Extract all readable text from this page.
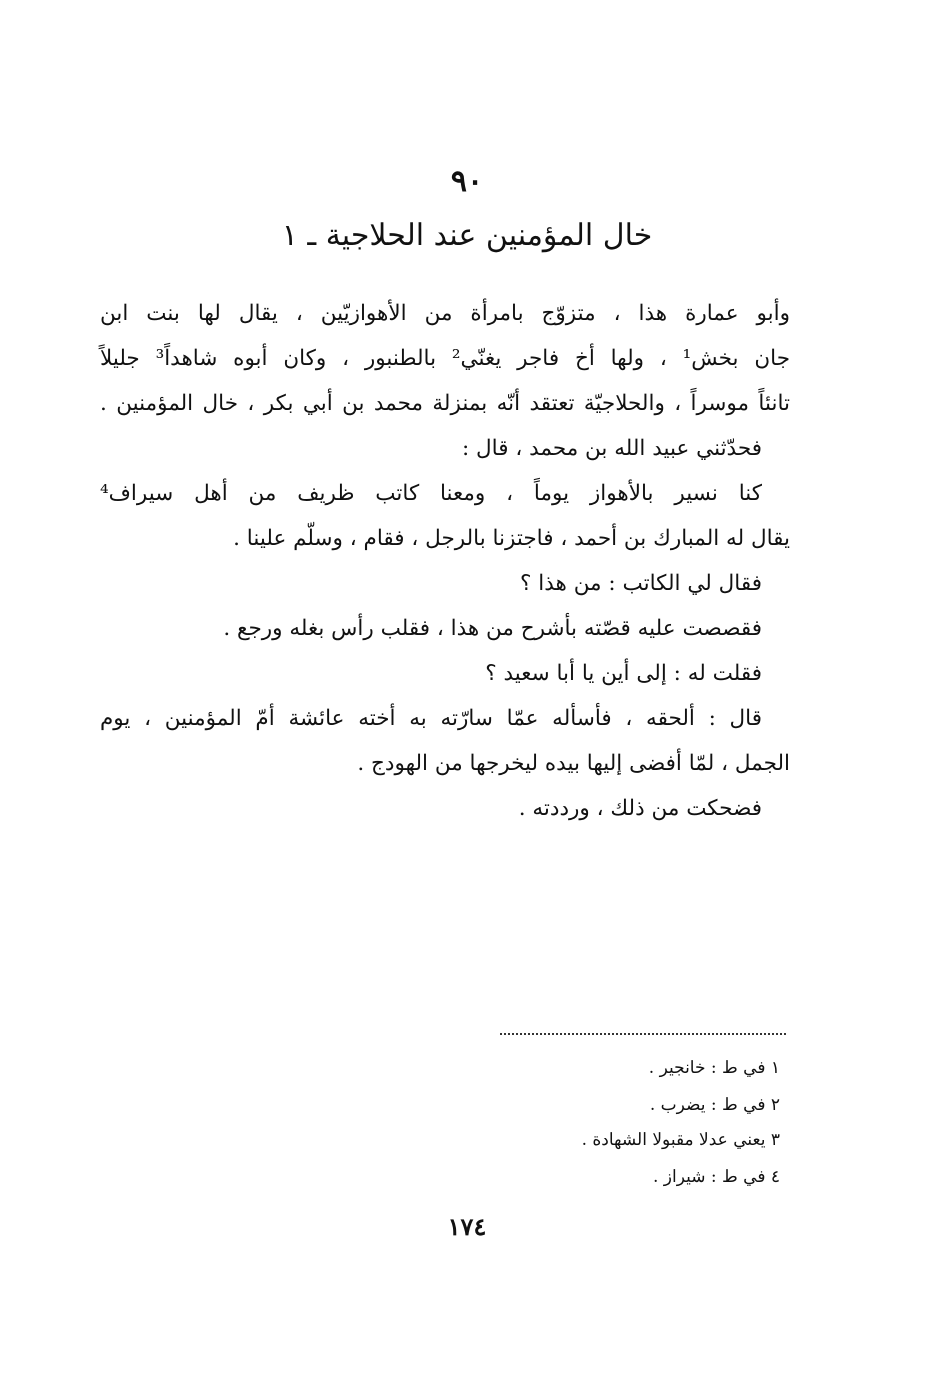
٩٠
خال المؤمنين عند الحلاجية ـ ١
وأبو عمارة هذا ، متزوّج بامرأة من الأهوازيّين ، يقال لها بنت ابن
جان بخش¹ ، ولها أخ فاجر يغنّي² بالطنبور ، وكان أبوه شاهداً³ جليلاً
تانئاً موسراً ، والحلاجيّة تعتقد أنّه بمنزلة محمد بن أبي بكر ، خال المؤمنين .
فحدّثني عبيد الله بن محمد ، قال :
كنا نسير بالأهواز يوماً ، ومعنا كاتب ظريف من أهل سيراف⁴
يقال له المبارك بن أحمد ، فاجتزنا بالرجل ، فقام ، وسلّم علينا .
فقال لي الكاتب : من هذا ؟
فقصصت عليه قصّته بأشرح من هذا ، فقلب رأس بغله ورجع .
فقلت له : إلى أين يا أبا سعيد ؟
قال : ألحقه ، فأسأله عمّا سارّته به أخته عائشة أمّ المؤمنين ، يوم
الجمل ، لمّا أفضى إليها بيده ليخرجها من الهودج .
فضحكت من ذلك ، ورددته .
١ في ط : خانجير .
٢ في ط : يضرب .
٣ يعني عدلا مقبولا الشهادة .
٤ في ط : شيراز .
١٧٤
